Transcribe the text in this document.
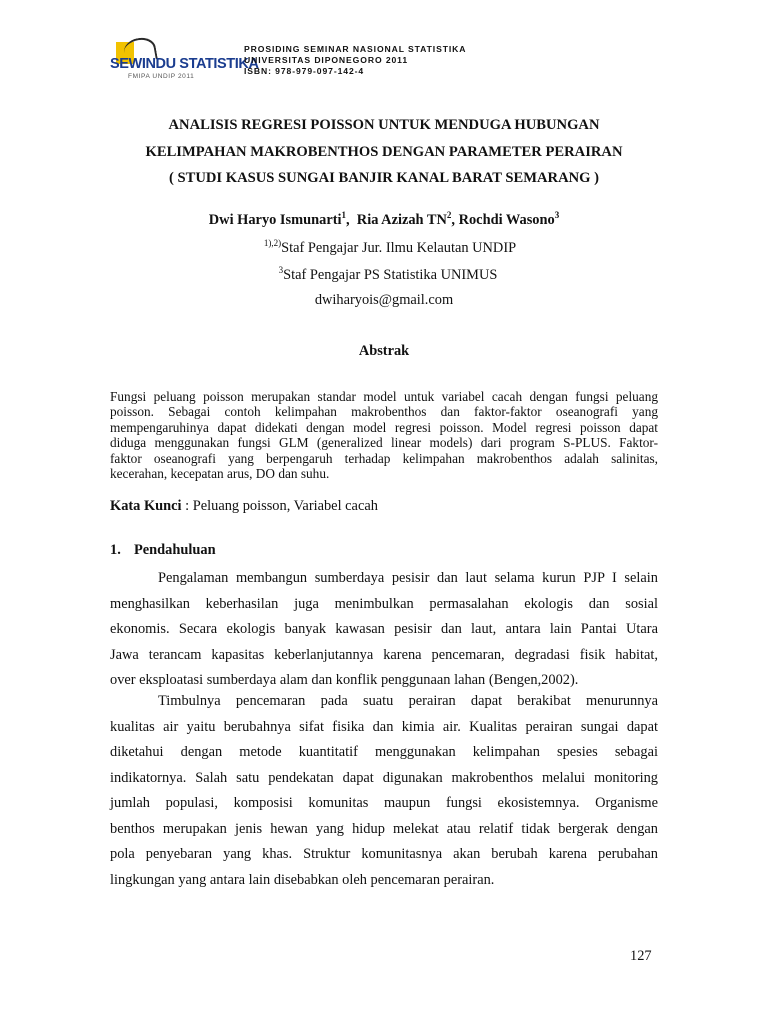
SEWINDU STATISTIKA
FMIPA UNDIP 2011
PROSIDING SEMINAR NASIONAL STATISTIKA
UNIVERSITAS DIPONEGORO 2011
ISBN: 978-979-097-142-4
ANALISIS REGRESI POISSON UNTUK MENDUGA HUBUNGAN
KELIMPAHAN MAKROBENTHOS DENGAN PARAMETER PERAIRAN
( STUDI KASUS SUNGAI BANJIR KANAL BARAT SEMARANG )
Dwi Haryo Ismunarti$^1$,  Ria Azizah $TN^2$, Rochdi Wasono$^3$
$^{1),2)}$Staf Pengajar Jur. Ilmu Kelautan UNDIP
$^3$Staf Pengajar PS Statistika UNIMUS
dwiharyois@gmail.com
Abstrak
Fungsi peluang poisson merupakan standar model untuk variabel cacah dengan fungsi peluang
poisson. Sebagai contoh kelimpahan makrobenthos dan faktor-faktor oseanografi yang
mempengaruhinya dapat didekati dengan model regresi poisson. Model regresi poisson dapat
diduga menggunakan fungsi GLM (generalized linear models) dari program S-PLUS. Faktor-
faktor oseanografi yang berpengaruh terhadap kelimpahan makrobenthos adalah salinitas,
kecerahan, kecepatan arus, DO dan suhu.
Kata Kunci : Peluang poisson, Variabel cacah
1. Pendahuluan
Pengalaman membangun sumberdaya pesisir dan laut selama kurun PJP I selain
menghasilkan keberhasilan juga menimbulkan permasalahan ekologis dan sosial
ekonomis. Secara ekologis banyak kawasan pesisir dan laut, antara lain Pantai Utara
Jawa terancam kapasitas keberlanjutannya karena pencemaran, degradasi fisik habitat,
over eksploatasi sumberdaya alam dan konflik penggunaan lahan (Bengen,2002).
Timbulnya pencemaran pada suatu perairan dapat berakibat menurunnya
kualitas air yaitu berubahnya sifat fisika dan kimia air. Kualitas perairan sungai dapat
diketahui dengan metode kuantitatif menggunakan kelimpahan spesies sebagai
indikatornya. Salah satu pendekatan dapat digunakan makrobenthos melalui monitoring
jumlah populasi, komposisi komunitas maupun fungsi ekosistemnya. Organisme
benthos merupakan jenis hewan yang hidup melekat atau relatif tidak bergerak dengan
pola penyebaran yang khas. Struktur komunitasnya akan berubah karena perubahan
lingkungan yang antara lain disebabkan oleh pencemaran perairan.
127
